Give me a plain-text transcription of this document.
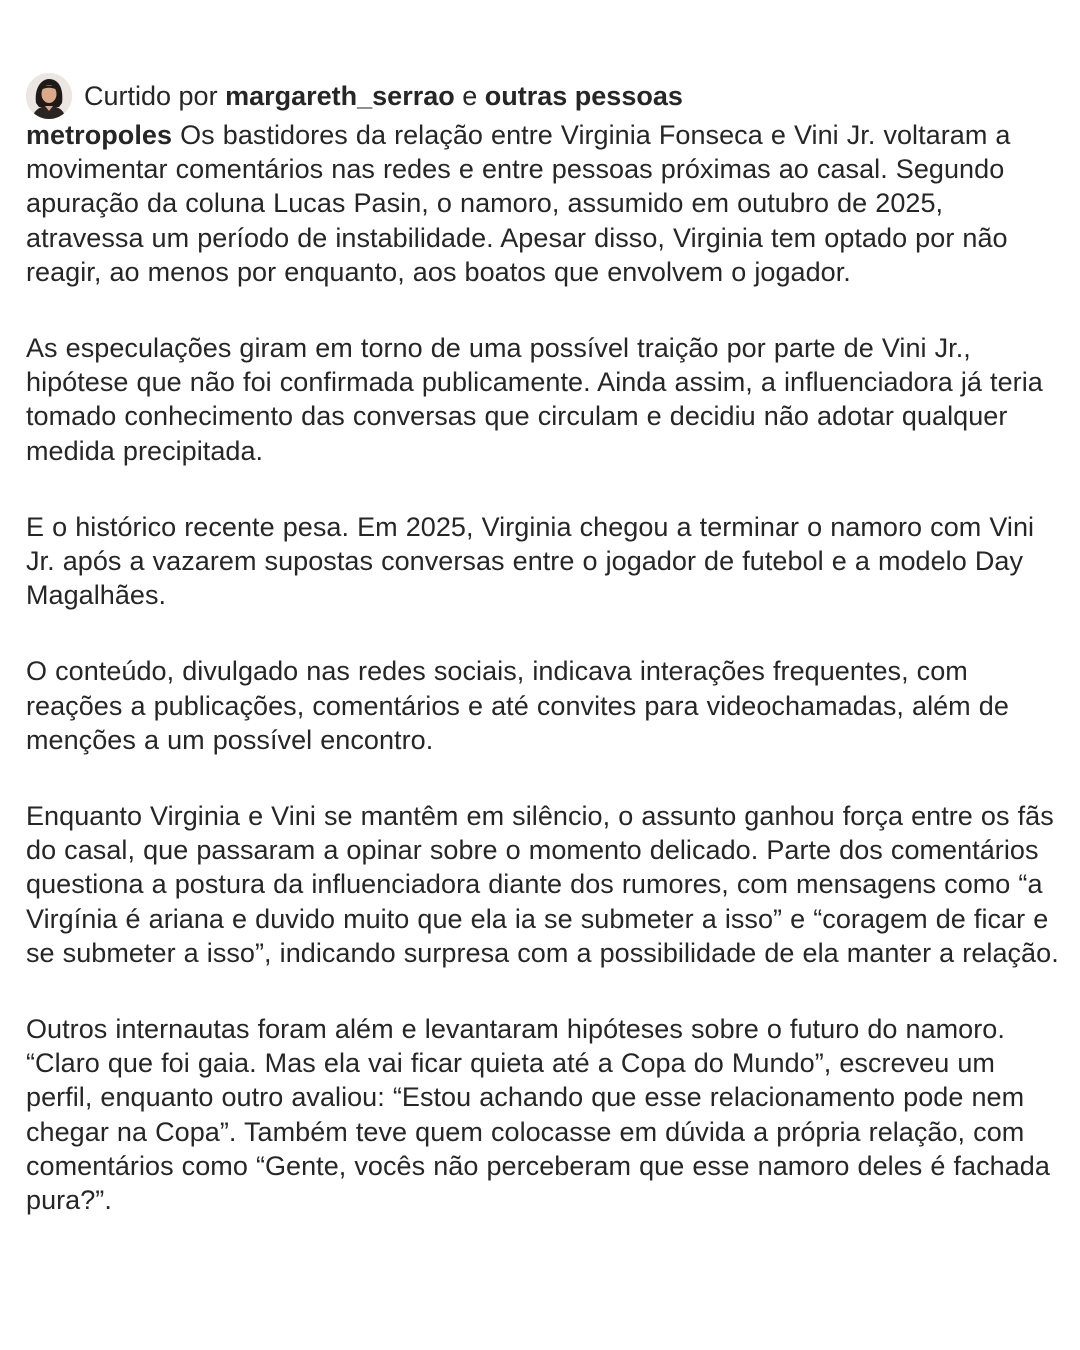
Curtido por margareth_serrao e outras pessoas

metropoles Os bastidores da relação entre Virginia Fonseca e Vini Jr. voltaram a movimentar comentários nas redes e entre pessoas próximas ao casal. Segundo apuração da coluna Lucas Pasin, o namoro, assumido em outubro de 2025, atravessa um período de instabilidade. Apesar disso, Virginia tem optado por não reagir, ao menos por enquanto, aos boatos que envolvem o jogador.

As especulações giram em torno de uma possível traição por parte de Vini Jr., hipótese que não foi confirmada publicamente. Ainda assim, a influenciadora já teria tomado conhecimento das conversas que circulam e decidiu não adotar qualquer medida precipitada.

E o histórico recente pesa. Em 2025, Virginia chegou a terminar o namoro com Vini Jr. após a vazarem supostas conversas entre o jogador de futebol e a modelo Day Magalhães.

O conteúdo, divulgado nas redes sociais, indicava interações frequentes, com reações a publicações, comentários e até convites para videochamadas, além de menções a um possível encontro.

Enquanto Virginia e Vini se mantêm em silêncio, o assunto ganhou força entre os fãs do casal, que passaram a opinar sobre o momento delicado. Parte dos comentários questiona a postura da influenciadora diante dos rumores, com mensagens como “a Virgínia é ariana e duvido muito que ela ia se submeter a isso” e “coragem de ficar e se submeter a isso”, indicando surpresa com a possibilidade de ela manter a relação.

Outros internautas foram além e levantaram hipóteses sobre o futuro do namoro. “Claro que foi gaia. Mas ela vai ficar quieta até a Copa do Mundo”, escreveu um perfil, enquanto outro avaliou: “Estou achando que esse relacionamento pode nem chegar na Copa”. Também teve quem colocasse em dúvida a própria relação, com comentários como “Gente, vocês não perceberam que esse namoro deles é fachada pura?”.
